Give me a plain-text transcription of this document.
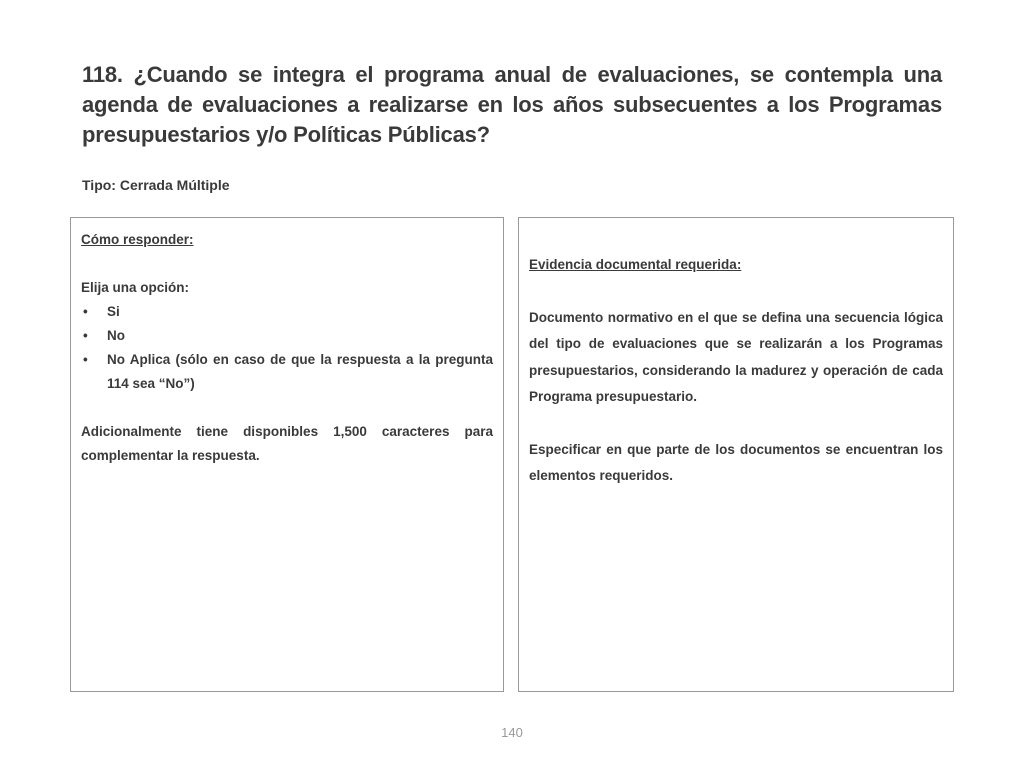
118. ¿Cuando se integra el programa anual de evaluaciones, se contempla una agenda de evaluaciones a realizarse en los años subsecuentes a los Programas presupuestarios y/o Políticas Públicas?
Tipo: Cerrada Múltiple
Cómo responder:
Elija una opción:
• Si
• No
• No Aplica (sólo en caso de que la respuesta a la pregunta 114 sea “No”)
Adicionalmente tiene disponibles 1,500 caracteres para complementar la respuesta.
Evidencia documental requerida:
Documento normativo en el que se defina una secuencia lógica del tipo de evaluaciones que se realizarán a los Programas presupuestarios, considerando la madurez y operación de cada Programa presupuestario.
Especificar en que parte de los documentos se encuentran los elementos requeridos.
140
